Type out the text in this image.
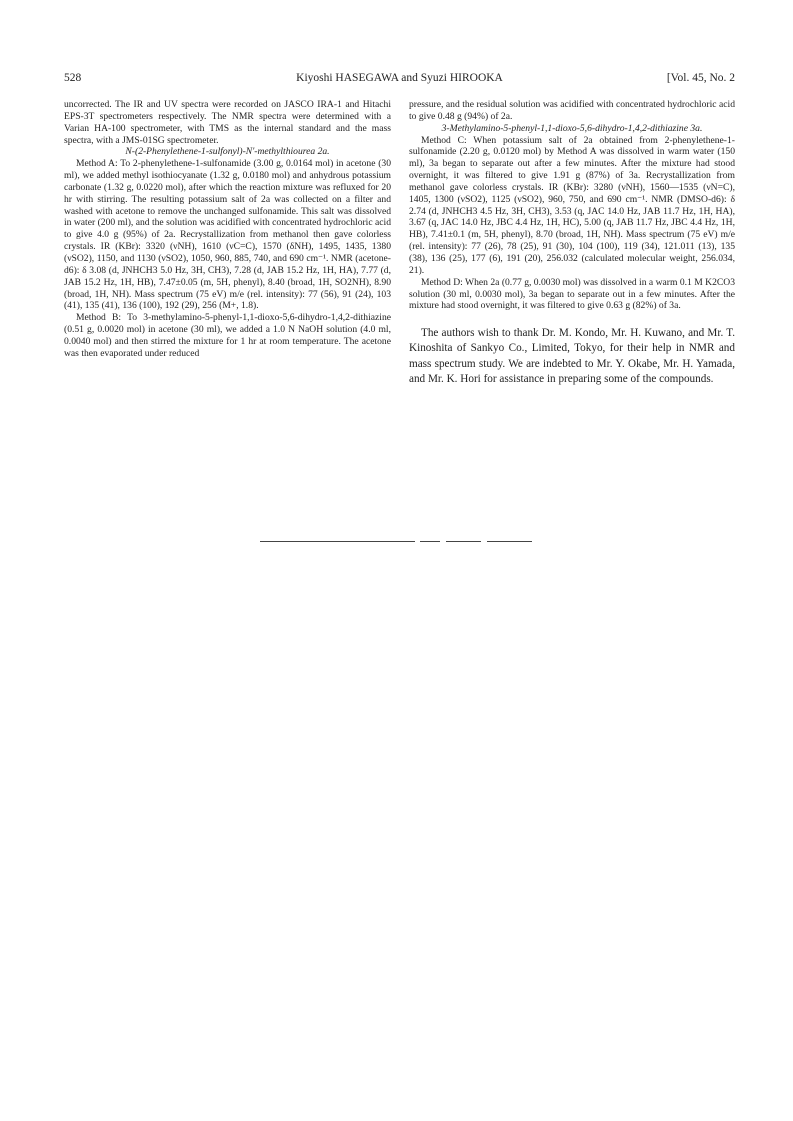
528	Kiyoshi HASEGAWA and Syuzi HIROOKA	[Vol. 45, No. 2

uncorrected. The IR and UV spectra were recorded on JASCO IRA-1 and Hitachi EPS-3T spectrometers respectively. The NMR spectra were determined with a Varian HA-100 spectrometer, with TMS as the internal standard and the mass spectra, with a JMS-01SG spectrometer.

N-(2-Phenylethene-1-sulfonyl)-N'-methylthiourea 2a.

Method A: To 2-phenylethene-1-sulfonamide (3.00 g, 0.0164 mol) in acetone (30 ml), we added methyl isothiocyanate (1.32 g, 0.0180 mol) and anhydrous potassium carbonate (1.32 g, 0.0220 mol), after which the reaction mixture was refluxed for 20 hr with stirring. The resulting potassium salt of 2a was collected on a filter and washed with acetone to remove the unchanged sulfonamide. This salt was dissolved in water (200 ml), and the solution was acidified with concentrated hydrochloric acid to give 4.0 g (95%) of 2a. Recrystallization from methanol then gave colorless crystals. IR (KBr): 3320 (νNH), 1610 (νC=C), 1570 (δNH), 1495, 1435, 1380 (νSO2), 1150, and 1130 (νSO2), 1050, 960, 885, 740, and 690 cm⁻¹. NMR (acetone-d6): δ 3.08 (d, JNHCH3 5.0 Hz, 3H, CH3), 7.28 (d, JAB 15.2 Hz, 1H, HA), 7.77 (d, JAB 15.2 Hz, 1H, HB), 7.47±0.05 (m, 5H, phenyl), 8.40 (broad, 1H, SO2NH), 8.90 (broad, 1H, NH). Mass spectrum (75 eV) m/e (rel. intensity): 77 (56), 91 (24), 103 (41), 135 (41), 136 (100), 192 (29), 256 (M+, 1.8).

Method B: To 3-methylamino-5-phenyl-1,1-dioxo-5,6-dihydro-1,4,2-dithiazine (0.51 g, 0.0020 mol) in acetone (30 ml), we added a 1.0 N NaOH solution (4.0 ml, 0.0040 mol) and then stirred the mixture for 1 hr at room temperature. The acetone was then evaporated under reduced

pressure, and the residual solution was acidified with concentrated hydrochloric acid to give 0.48 g (94%) of 2a.

3-Methylamino-5-phenyl-1,1-dioxo-5,6-dihydro-1,4,2-dithiazine 3a.

Method C: When potassium salt of 2a obtained from 2-phenylethene-1-sulfonamide (2.20 g, 0.0120 mol) by Method A was dissolved in warm water (150 ml), 3a began to separate out after a few minutes. After the mixture had stood overnight, it was filtered to give 1.91 g (87%) of 3a. Recrystallization from methanol gave colorless crystals. IR (KBr): 3280 (νNH), 1560—1535 (νN=C), 1405, 1300 (νSO2), 1125 (νSO2), 960, 750, and 690 cm⁻¹. NMR (DMSO-d6): δ 2.74 (d, JNHCH3 4.5 Hz, 3H, CH3), 3.53 (q, JAC 14.0 Hz, JAB 11.7 Hz, 1H, HA), 3.67 (q, JAC 14.0 Hz, JBC 4.4 Hz, 1H, HC), 5.00 (q, JAB 11.7 Hz, JBC 4.4 Hz, 1H, HB), 7.41±0.1 (m, 5H, phenyl), 8.70 (broad, 1H, NH). Mass spectrum (75 eV) m/e (rel. intensity): 77 (26), 78 (25), 91 (30), 104 (100), 119 (34), 121.011 (13), 135 (38), 136 (25), 177 (6), 191 (20), 256.032 (calculated molecular weight, 256.034, 21).

Method D: When 2a (0.77 g, 0.0030 mol) was dissolved in a warm 0.1 M K2CO3 solution (30 ml, 0.0030 mol), 3a began to separate out in a few minutes. After the mixture had stood overnight, it was filtered to give 0.63 g (82%) of 3a.

The authors wish to thank Dr. M. Kondo, Mr. H. Kuwano, and Mr. T. Kinoshita of Sankyo Co., Limited, Tokyo, for their help in NMR and mass spectrum study. We are indebted to Mr. Y. Okabe, Mr. H. Yamada, and Mr. K. Hori for assistance in preparing some of the compounds.
